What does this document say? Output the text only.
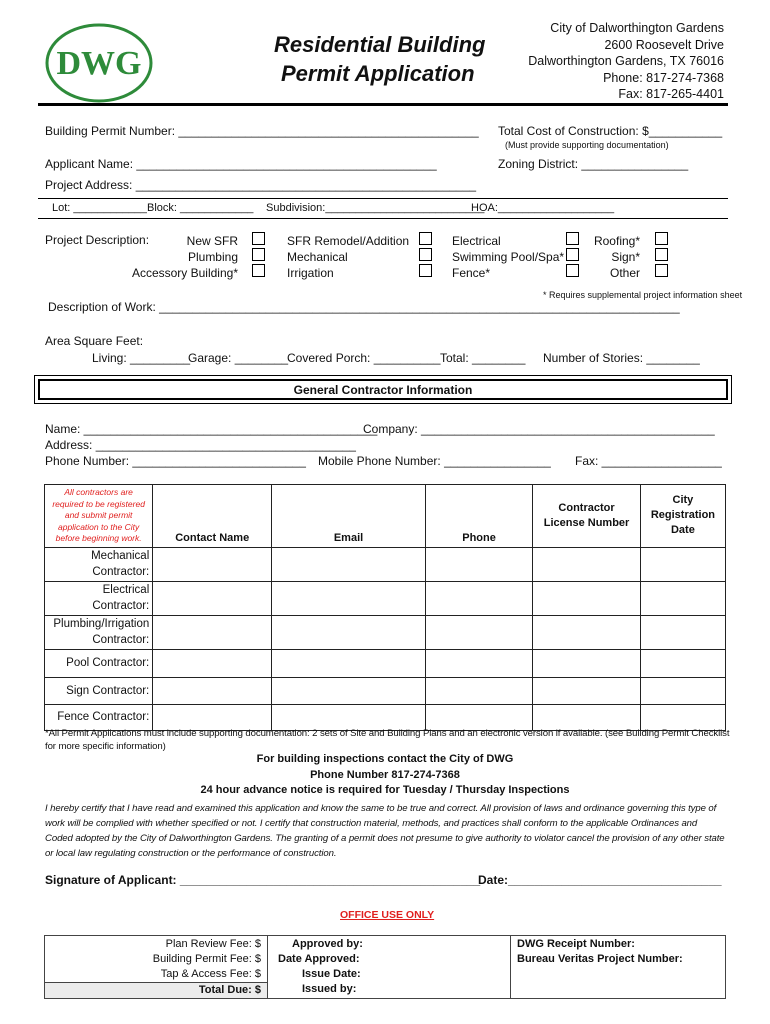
DWG
Residential Building
Permit Application
City of Dalworthington Gardens
2600 Roosevelt Drive
Dalworthington Gardens, TX 76016
Phone: 817-274-7368
Fax: 817-265-4401
Building Permit Number: _____________________________________________ Total Cost of Construction: $___________
(Must provide supporting documentation)
Applicant Name: _____________________________________________	Zoning District: ________________
Project Address: ___________________________________________________
Lot: ____________ Block: ____________ Subdivision:__________________________
HOA:___________________
Project Description:	New SFR
Plumbing
Accessory Building*
SFR Remodel/Addition
Mechanical
Irrigation
Electrical
Swimming Pool/Spa*
Fence*
Roofing*
Sign*
Other
* Requires supplemental project information sheet
Description of Work: ______________________________________________________________________________
Area Square Feet:
Living: _________
Garage: ________
Covered Porch: __________ Total: ________ Number of Stories: ________
General Contractor Information
Name: ____________________________________________
Company: ____________________________________________
Address: _______________________________________
Phone Number: __________________________ Mobile Phone Number: ________________ Fax: __________________
All contractors are required to be registered and submit permit application to the City before beginning work.	Contact Name	Email	Phone	Contractor License Number	City Registration Date
Mechanical Contractor:					
Electrical Contractor:					
Plumbing/Irrigation Contractor:					
Pool Contractor:					
Sign Contractor:					
Fence Contractor:					
*All Permit Applications must include supporting documentation: 2 sets of Site and Building Plans and an electronic version if available. (see Building Permit Checklist for more specific information)
For building inspections contact the City of DWG
Phone Number 817-274-7368
24 hour advance notice is required for Tuesday / Thursday Inspections
I hereby certify that I have read and examined this application and know the same to be true and correct. All provision of laws and ordinance governing this type of work will be complied with whether specified or not. I certify that construction material, methods, and practices shall conform to the applicable Ordinances and Coded adopted by the City of Dalworthington Gardens. The granting of a permit does not presume to give authority to violator cancel the provision of any other state or local law regulating construction or the performance of construction.
Signature of Applicant: _____________________________________________
Date:________________________________
OFFICE USE ONLY
Plan Review Fee: $
Building Permit Fee: $
Tap & Access Fee: $
Total Due: $

Approved by:
Date Approved:
Issue Date:
Issued by:

DWG Receipt Number:
Bureau Veritas Project Number:
